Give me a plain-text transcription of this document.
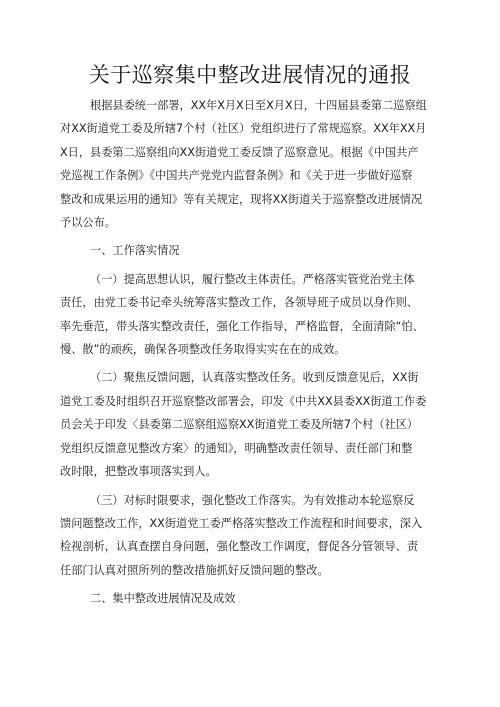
关于巡察集中整改进展情况的通报
根据县委统一部署，XX年X月X日至X月X日，十四届县委第二巡察组
对XX街道党工委及所辖7个村（社区）党组织进行了常规巡察。XX年XX月
X日，县委第二巡察组向XX街道党工委反馈了巡察意见。根据《中国共产
党巡视工作条例》《中国共产党党内监督条例》和《关于进一步做好巡察
整改和成果运用的通知》等有关规定，现将XX街道关于巡察整改进展情况
予以公布。
一、工作落实情况
（一）提高思想认识，履行整改主体责任。严格落实管党治党主体
责任，由党工委书记牵头统筹落实整改工作，各领导班子成员以身作则、
率先垂范，带头落实整改责任，强化工作指导，严格监督，全面清除“怕、
慢、散”的顽疾，确保各项整改任务取得实实在在的成效。
（二）聚焦反馈问题，认真落实整改任务。收到反馈意见后，XX街
道党工委及时组织召开巡察整改部署会，印发《中共XX县委XX街道工作委
员会关于印发〈县委第二巡察组巡察XX街道党工委及所辖7个村（社区）
党组织反馈意见整改方案〉的通知》，明确整改责任领导、责任部门和整
改时限，把整改事项落实到人。
（三）对标时限要求，强化整改工作落实。为有效推动本轮巡察反
馈问题整改工作，XX街道党工委严格落实整改工作流程和时间要求，深入
检视剖析，认真查摆自身问题，强化整改工作调度，督促各分管领导、责
任部门认真对照所列的整改措施抓好反馈问题的整改。
二、集中整改进展情况及成效
